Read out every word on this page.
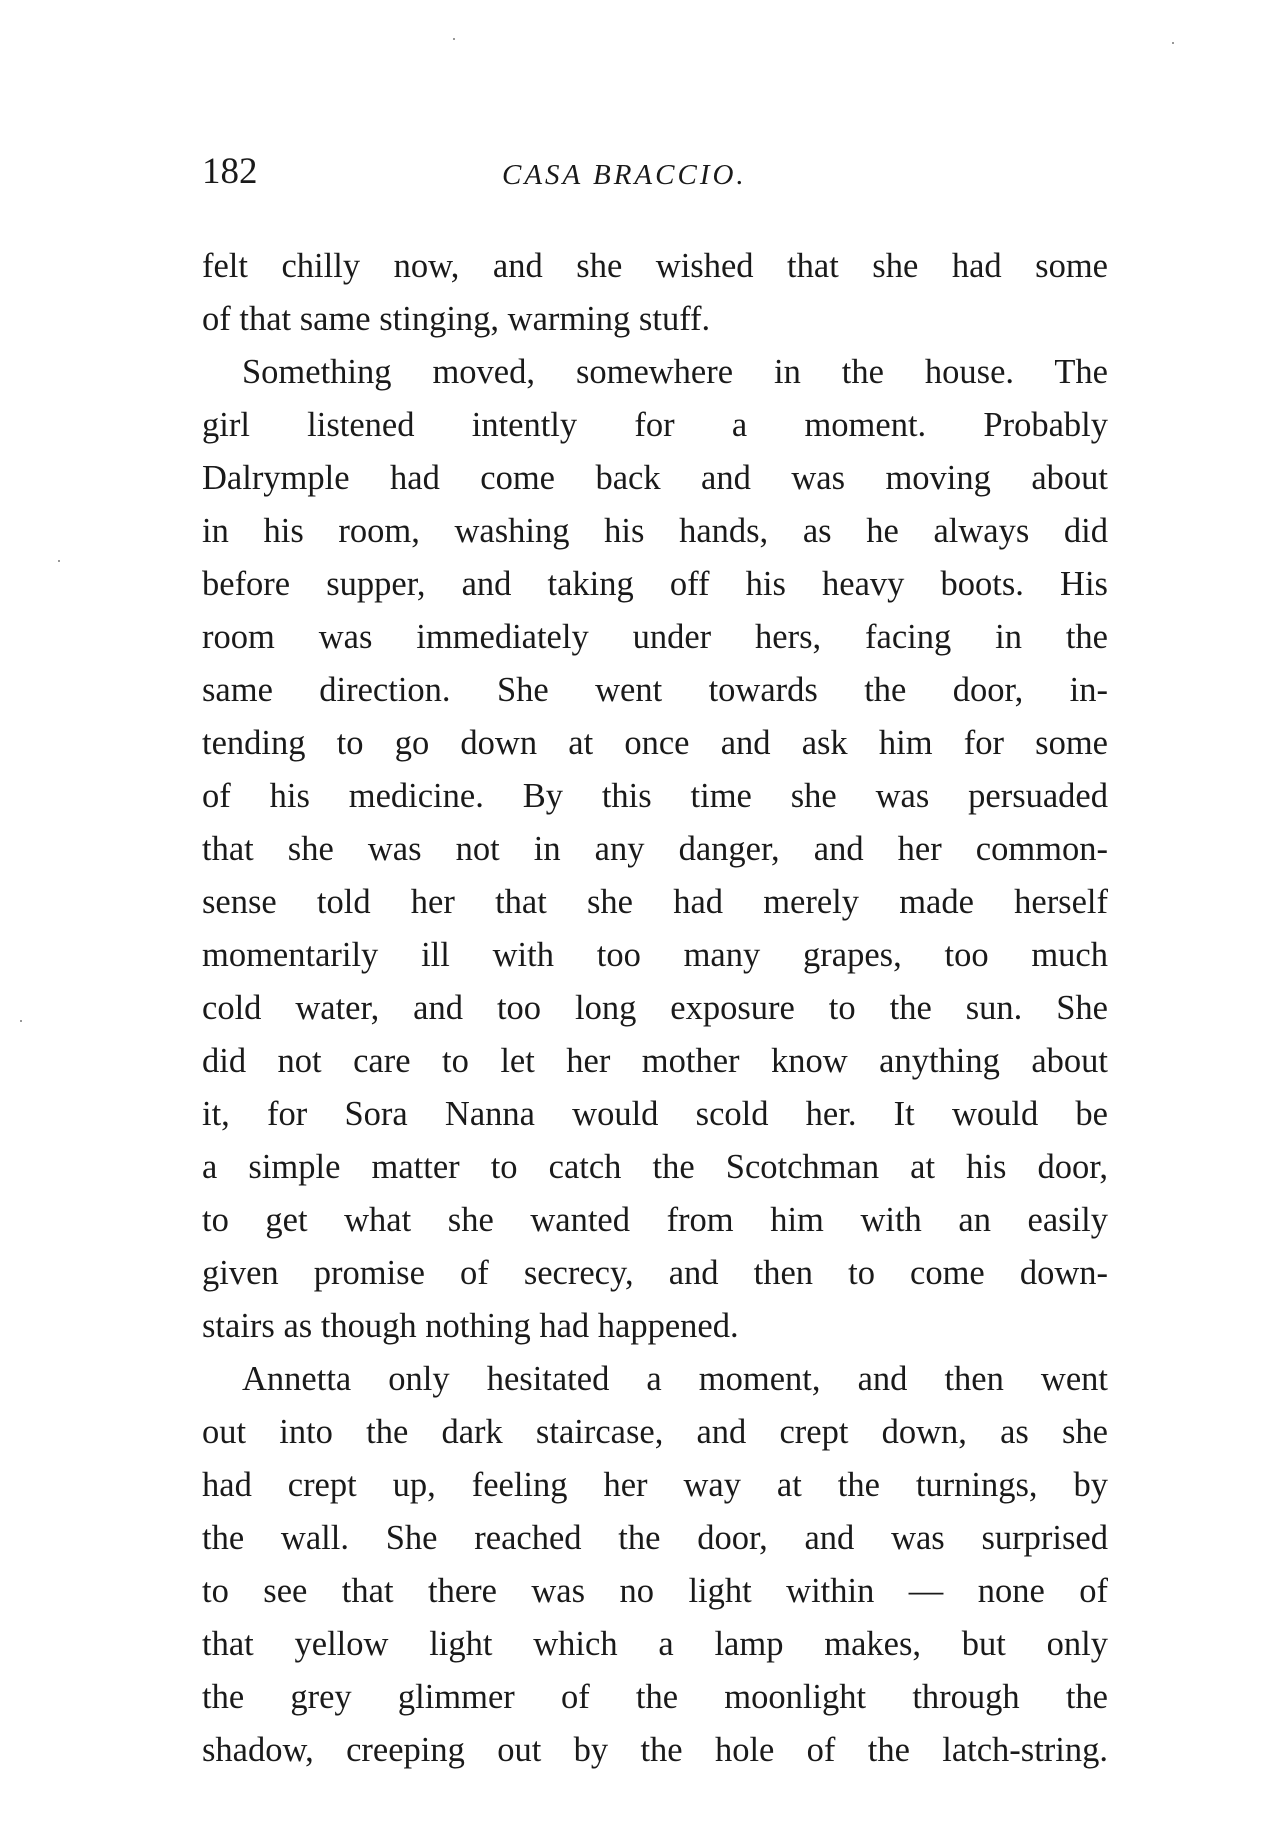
182	CASA BRACCIO.
felt chilly now, and she wished that she had some
of that same stinging, warming stuff.
Something moved, somewhere in the house. The
girl listened intently for a moment. Probably
Dalrymple had come back and was moving about
in his room, washing his hands, as he always did
before supper, and taking off his heavy boots. His
room was immediately under hers, facing in the
same direction. She went towards the door, in-
tending to go down at once and ask him for some
of his medicine. By this time she was persuaded
that she was not in any danger, and her common-
sense told her that she had merely made herself
momentarily ill with too many grapes, too much
cold water, and too long exposure to the sun. She
did not care to let her mother know anything about
it, for Sora Nanna would scold her. It would be
a simple matter to catch the Scotchman at his door,
to get what she wanted from him with an easily
given promise of secrecy, and then to come down-
stairs as though nothing had happened.
Annetta only hesitated a moment, and then went
out into the dark staircase, and crept down, as she
had crept up, feeling her way at the turnings, by
the wall. She reached the door, and was surprised
to see that there was no light within — none of
that yellow light which a lamp makes, but only
the grey glimmer of the moonlight through the
shadow, creeping out by the hole of the latch-string.
